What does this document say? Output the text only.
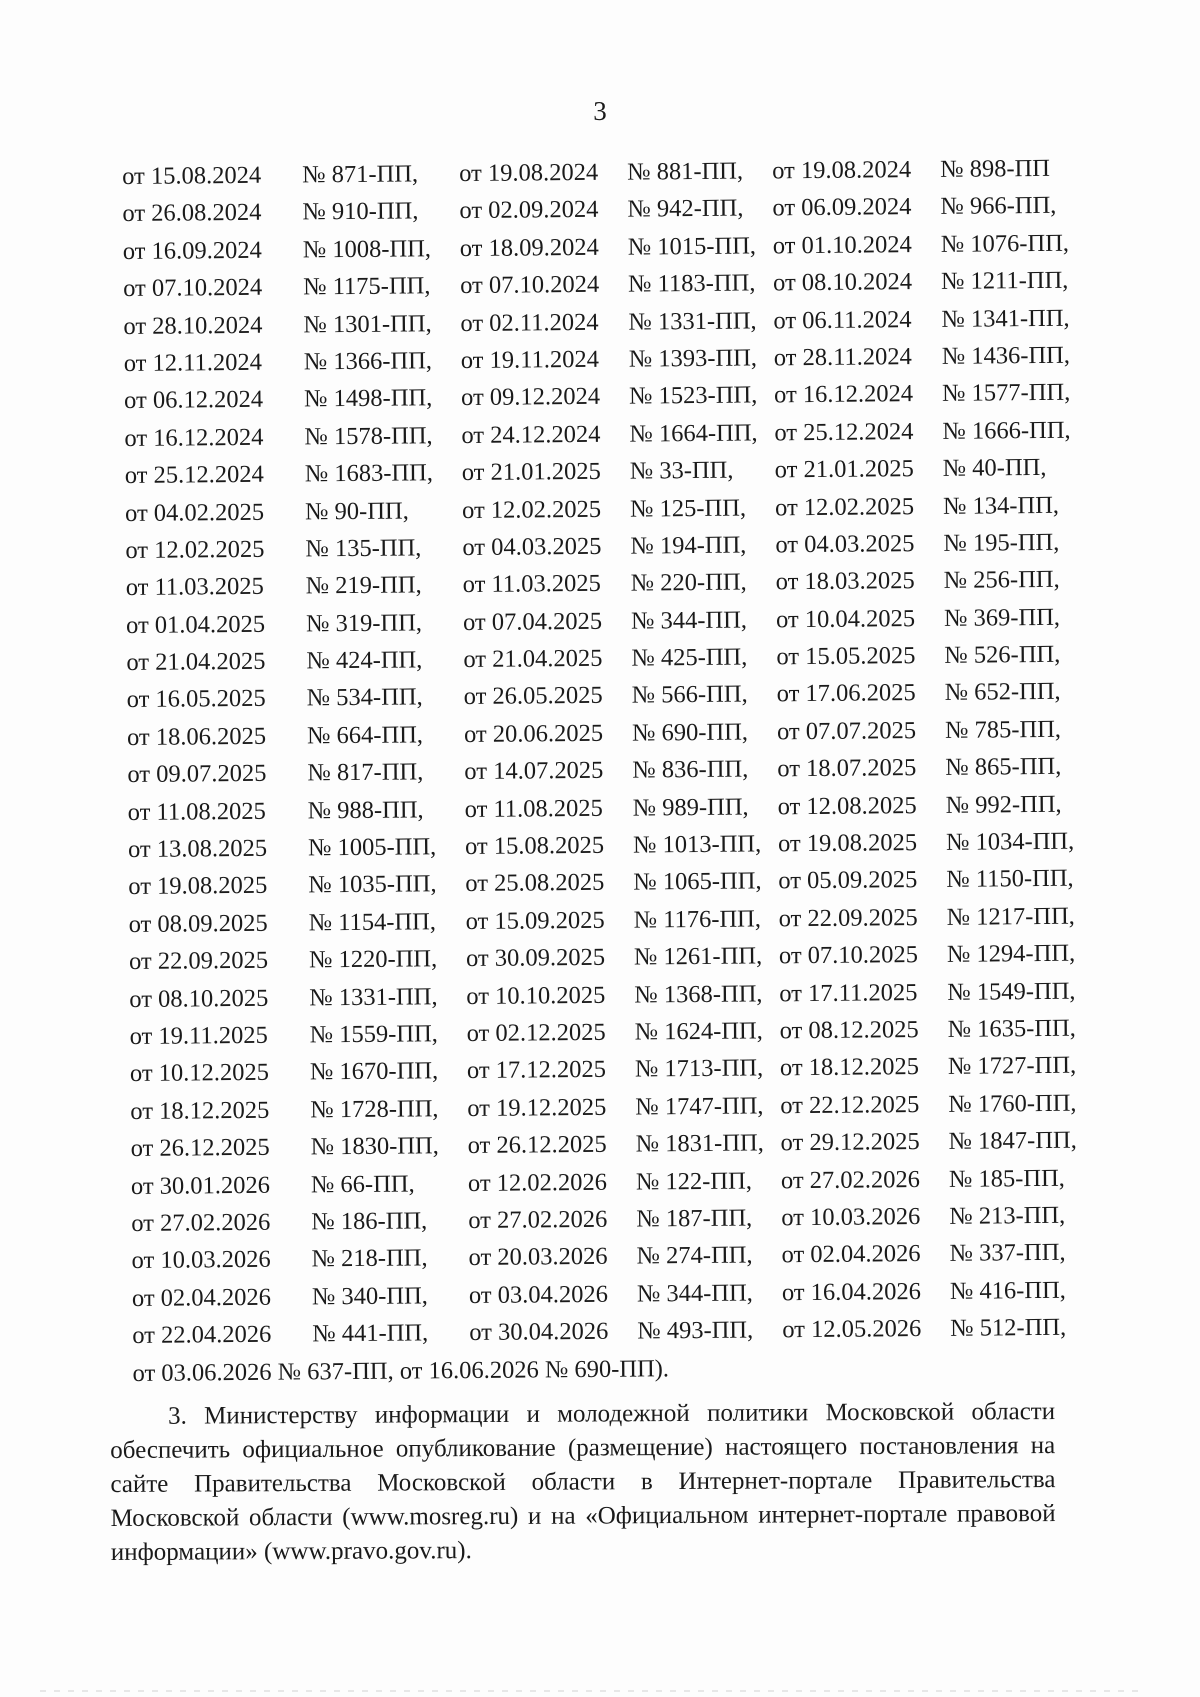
3
от 15.08.2024 № 871-ПП, от 19.08.2024 № 881-ПП, от 19.08.2024 № 898-ПП
от 26.08.2024 № 910-ПП, от 02.09.2024 № 942-ПП, от 06.09.2024 № 966-ПП,
от 16.09.2024 № 1008-ПП, от 18.09.2024 № 1015-ПП, от 01.10.2024 № 1076-ПП,
от 07.10.2024 № 1175-ПП, от 07.10.2024 № 1183-ПП, от 08.10.2024 № 1211-ПП,
от 28.10.2024 № 1301-ПП, от 02.11.2024 № 1331-ПП, от 06.11.2024 № 1341-ПП,
от 12.11.2024 № 1366-ПП, от 19.11.2024 № 1393-ПП, от 28.11.2024 № 1436-ПП,
от 06.12.2024 № 1498-ПП, от 09.12.2024 № 1523-ПП, от 16.12.2024 № 1577-ПП,
от 16.12.2024 № 1578-ПП, от 24.12.2024 № 1664-ПП, от 25.12.2024 № 1666-ПП,
от 25.12.2024 № 1683-ПП, от 21.01.2025 № 33-ПП, от 21.01.2025 № 40-ПП,
от 04.02.2025 № 90-ПП, от 12.02.2025 № 125-ПП, от 12.02.2025 № 134-ПП,
от 12.02.2025 № 135-ПП, от 04.03.2025 № 194-ПП, от 04.03.2025 № 195-ПП,
от 11.03.2025 № 219-ПП, от 11.03.2025 № 220-ПП, от 18.03.2025 № 256-ПП,
от 01.04.2025 № 319-ПП, от 07.04.2025 № 344-ПП, от 10.04.2025 № 369-ПП,
от 21.04.2025 № 424-ПП, от 21.04.2025 № 425-ПП, от 15.05.2025 № 526-ПП,
от 16.05.2025 № 534-ПП, от 26.05.2025 № 566-ПП, от 17.06.2025 № 652-ПП,
от 18.06.2025 № 664-ПП, от 20.06.2025 № 690-ПП, от 07.07.2025 № 785-ПП,
от 09.07.2025 № 817-ПП, от 14.07.2025 № 836-ПП, от 18.07.2025 № 865-ПП,
от 11.08.2025 № 988-ПП, от 11.08.2025 № 989-ПП, от 12.08.2025 № 992-ПП,
от 13.08.2025 № 1005-ПП, от 15.08.2025 № 1013-ПП, от 19.08.2025 № 1034-ПП,
от 19.08.2025 № 1035-ПП, от 25.08.2025 № 1065-ПП, от 05.09.2025 № 1150-ПП,
от 08.09.2025 № 1154-ПП, от 15.09.2025 № 1176-ПП, от 22.09.2025 № 1217-ПП,
от 22.09.2025 № 1220-ПП, от 30.09.2025 № 1261-ПП, от 07.10.2025 № 1294-ПП,
от 08.10.2025 № 1331-ПП, от 10.10.2025 № 1368-ПП, от 17.11.2025 № 1549-ПП,
от 19.11.2025 № 1559-ПП, от 02.12.2025 № 1624-ПП, от 08.12.2025 № 1635-ПП,
от 10.12.2025 № 1670-ПП, от 17.12.2025 № 1713-ПП, от 18.12.2025 № 1727-ПП,
от 18.12.2025 № 1728-ПП, от 19.12.2025 № 1747-ПП, от 22.12.2025 № 1760-ПП,
от 26.12.2025 № 1830-ПП, от 26.12.2025 № 1831-ПП, от 29.12.2025 № 1847-ПП,
от 30.01.2026 № 66-ПП, от 12.02.2026 № 122-ПП, от 27.02.2026 № 185-ПП,
от 27.02.2026 № 186-ПП, от 27.02.2026 № 187-ПП, от 10.03.2026 № 213-ПП,
от 10.03.2026 № 218-ПП, от 20.03.2026 № 274-ПП, от 02.04.2026 № 337-ПП,
от 02.04.2026 № 340-ПП, от 03.04.2026 № 344-ПП, от 16.04.2026 № 416-ПП,
от 22.04.2026 № 441-ПП, от 30.04.2026 № 493-ПП, от 12.05.2026 № 512-ПП,
от 03.06.2026 № 637-ПП, от 16.06.2026 № 690-ПП).
3. Министерству информации и молодежной политики Московской области обеспечить официальное опубликование (размещение) настоящего постановления на сайте Правительства Московской области в Интернет-портале Правительства Московской области (www.mosreg.ru) и на «Официальном интернет-портале правовой информации» (www.pravo.gov.ru).
